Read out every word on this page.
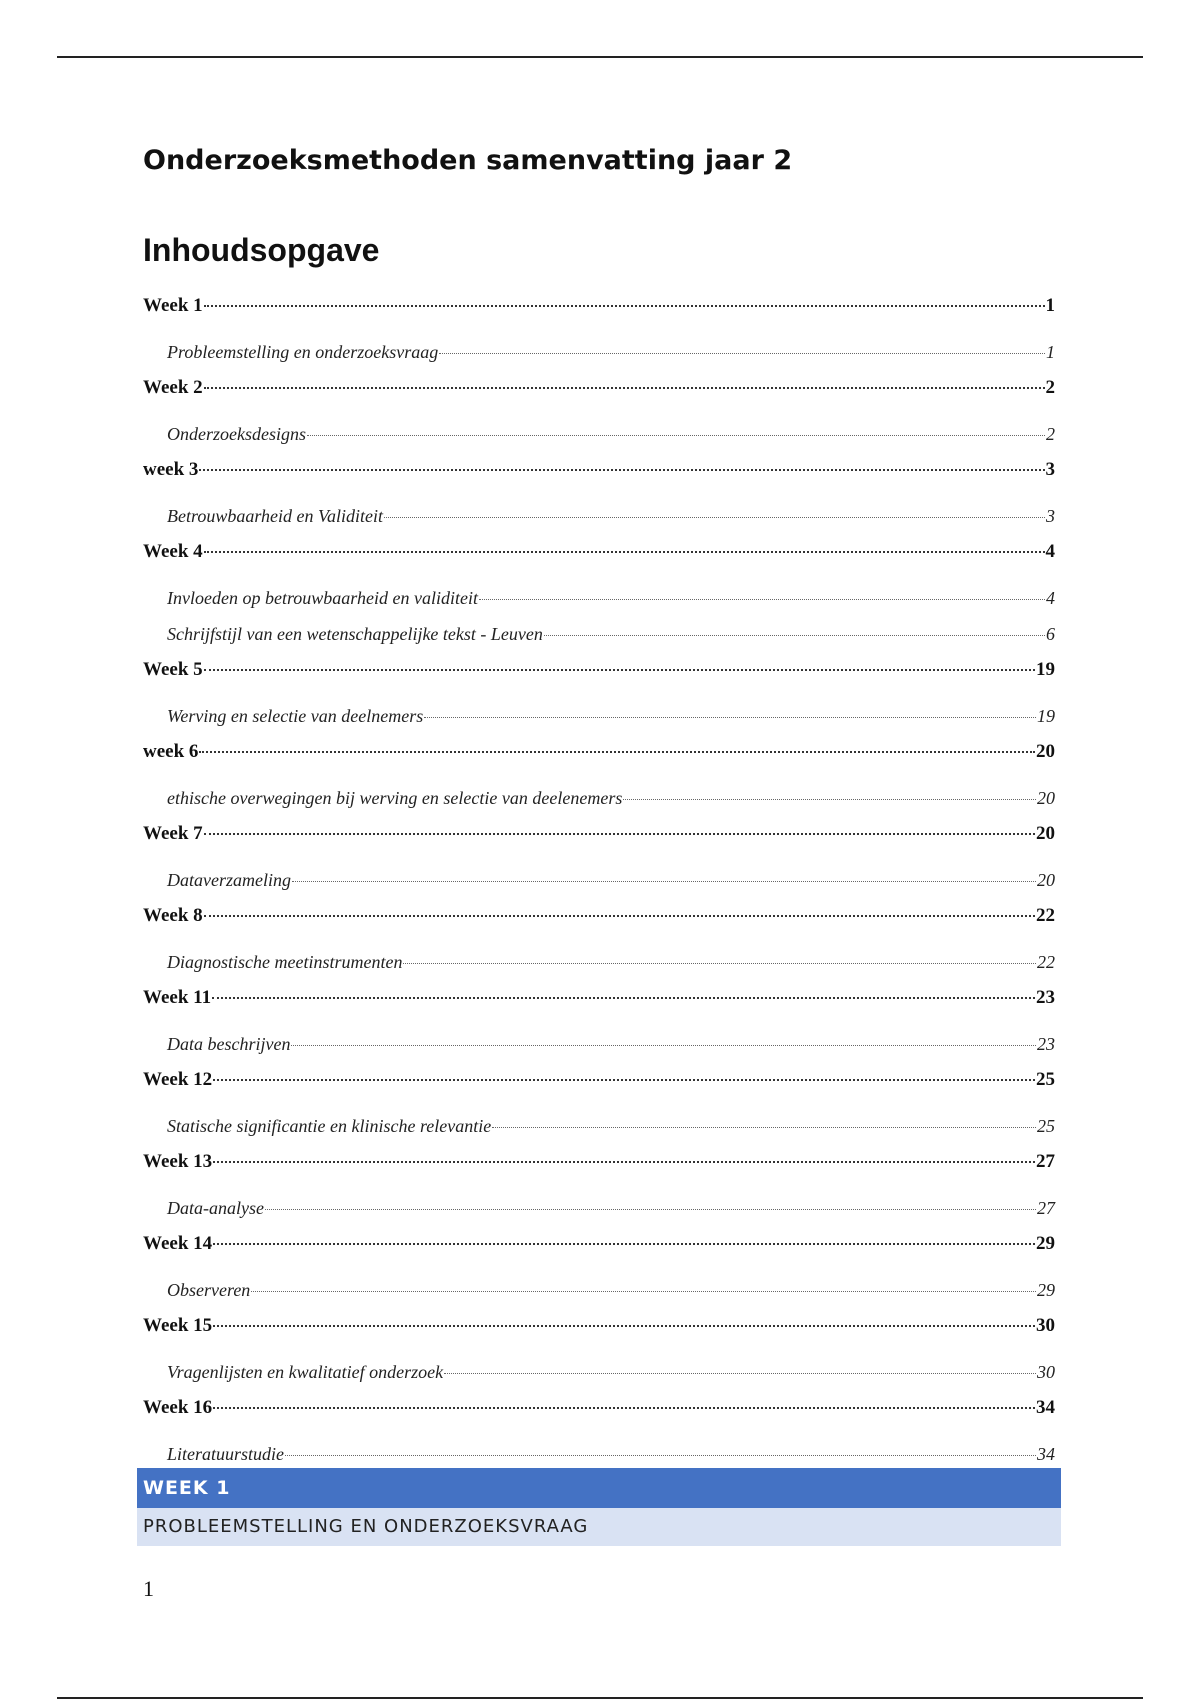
Onderzoeksmethoden samenvatting jaar 2
Inhoudsopgave
Week 1	1
Probleemstelling en onderzoeksvraag	1
Week 2	2
Onderzoeksdesigns	2
week 3	3
Betrouwbaarheid en Validiteit	3
Week 4	4
Invloeden op betrouwbaarheid en validiteit	4
Schrijfstijl van een wetenschappelijke tekst - Leuven	6
Week 5	19
Werving en selectie van deelnemers	19
week 6	20
ethische overwegingen bij werving en selectie van deelenemers	20
Week 7	20
Dataverzameling	20
Week 8	22
Diagnostische meetinstrumenten	22
Week 11	23
Data beschrijven	23
Week 12	25
Statische significantie en klinische relevantie	25
Week 13	27
Data-analyse	27
Week 14	29
Observeren	29
Week 15	30
Vragenlijsten en kwalitatief onderzoek	30
Week 16	34
Literatuurstudie	34
WEEK 1
PROBLEEMSTELLING EN ONDERZOEKSVRAAG
1
